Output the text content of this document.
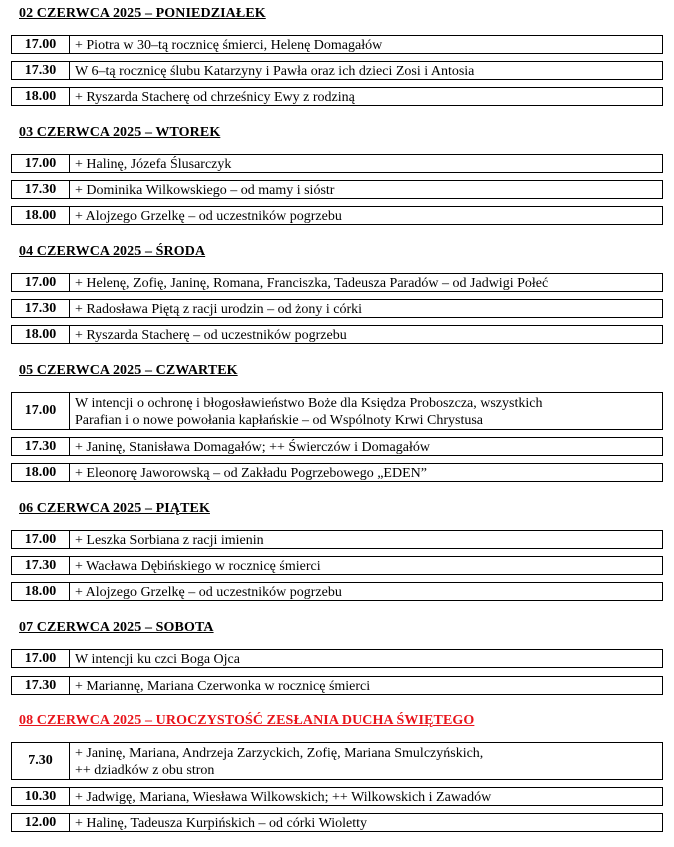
02 CZERWCA 2025 – PONIEDZIAŁEK
17.00	+ Piotra w 30–tą rocznicę śmierci, Helenę Domagałów
17.30	W 6–tą rocznicę ślubu Katarzyny i Pawła oraz ich dzieci Zosi i Antosia
18.00	+ Ryszarda Stacherę od chrześnicy Ewy z rodziną
03 CZERWCA 2025 – WTOREK
17.00	+ Halinę, Józefa Ślusarczyk
17.30	+ Dominika Wilkowskiego – od mamy i sióstr
18.00	+ Alojzego Grzelkę – od uczestników pogrzebu
04 CZERWCA 2025 – ŚRODA
17.00	+ Helenę, Zofię, Janinę, Romana, Franciszka, Tadeusza Paradów – od Jadwigi Połeć
17.30	+ Radosława Piętą z racji urodzin – od żony i córki
18.00	+ Ryszarda Stacherę – od uczestników pogrzebu
05 CZERWCA 2025 – CZWARTEK
17.00	W intencji o ochronę i błogosławieństwo Boże dla Księdza Proboszcza, wszystkich
Parafian i o nowe powołania kapłańskie – od Wspólnoty Krwi Chrystusa
17.30	+ Janinę, Stanisława Domagałów; ++ Świerczów i Domagałów
18.00	+ Eleonorę Jaworowską – od Zakładu Pogrzebowego „EDEN”
06 CZERWCA 2025 – PIĄTEK
17.00	+ Leszka Sorbiana z racji imienin
17.30	+ Wacława Dębińskiego w rocznicę śmierci
18.00	+ Alojzego Grzelkę – od uczestników pogrzebu
07 CZERWCA 2025 – SOBOTA
17.00	W intencji ku czci Boga Ojca
17.30	+ Mariannę, Mariana Czerwonka w rocznicę śmierci
08 CZERWCA 2025 – UROCZYSTOŚĆ ZESŁANIA DUCHA ŚWIĘTEGO
7.30	+ Janinę, Mariana, Andrzeja Zarzyckich, Zofię, Mariana Smulczyńskich,
++ dziadków z obu stron
10.30	+ Jadwigę, Mariana, Wiesława Wilkowskich; ++ Wilkowskich i Zawadów
12.00	+ Halinę, Tadeusza Kurpińskich – od córki Wioletty
